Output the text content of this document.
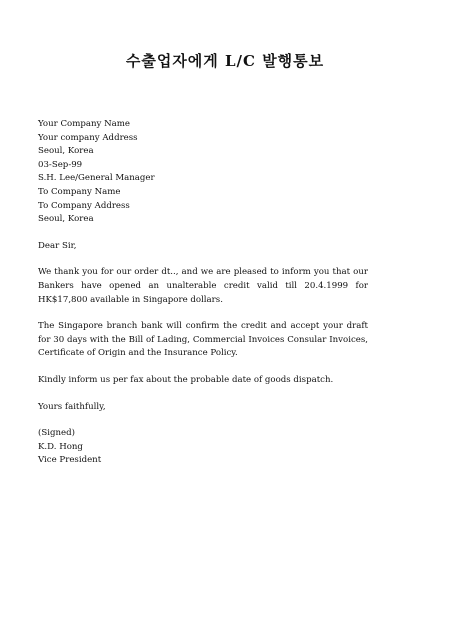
수출업자에게 L/C 발행통보
Your Company Name
Your company Address
Seoul, Korea
03-Sep-99
S.H. Lee/General Manager
To Company Name
To Company Address
Seoul, Korea
Dear Sir,

We thank you for our order dt.., and we are pleased to inform you that our Bankers have opened an unalterable credit valid till 20.4.1999 for HK$17,800 available in Singapore dollars.

The Singapore branch bank will confirm the credit and accept your draft for 30 days with the Bill of Lading, Commercial Invoices Consular Invoices, Certificate of Origin and the Insurance Policy.

Kindly inform us per fax about the probable date of goods dispatch.

Yours faithfully,
(Signed)
K.D. Hong
Vice President
